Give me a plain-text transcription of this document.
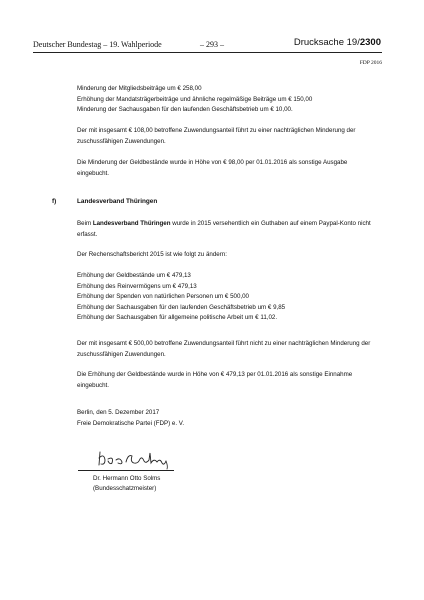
Deutscher Bundestag – 19. Wahlperiode	– 293 –	Drucksache 19/2300
FDP 2016
Minderung der Mitgliedsbeiträge um € 258,00
Erhöhung der Mandatsträgerbeiträge und ähnliche regelmäßige Beiträge um € 150,00
Minderung der Sachausgaben für den laufenden Geschäftsbetrieb um € 10,00.
Der mit insgesamt € 108,00 betroffene Zuwendungsanteil führt zu einer nachträglichen Minderung der zuschussfähigen Zuwendungen.
Die Minderung der Geldbestände wurde in Höhe von € 98,00 per 01.01.2016 als sonstige Ausgabe eingebucht.
f)	Landesverband Thüringen
Beim Landesverband Thüringen wurde in 2015 versehentlich ein Guthaben auf einem Paypal-Konto nicht erfasst.
Der Rechenschaftsbericht 2015 ist wie folgt zu ändern:
Erhöhung der Geldbestände um € 479,13
Erhöhung des Reinvermögens um € 479,13
Erhöhung der Spenden von natürlichen Personen um € 500,00
Erhöhung der Sachausgaben für den laufenden Geschäftsbetrieb um € 9,85
Erhöhung der Sachausgaben für allgemeine politische Arbeit um € 11,02.
Der mit insgesamt € 500,00 betroffene Zuwendungsanteil führt nicht zu einer nachträglichen Minderung der zuschussfähigen Zuwendungen.
Die Erhöhung der Geldbestände wurde in Höhe von € 479,13 per 01.01.2016 als sonstige Einnahme eingebucht.
Berlin, den 5. Dezember 2017
Freie Demokratische Partei (FDP) e. V.
Dr. Hermann Otto Solms
(Bundesschatzmeister)
